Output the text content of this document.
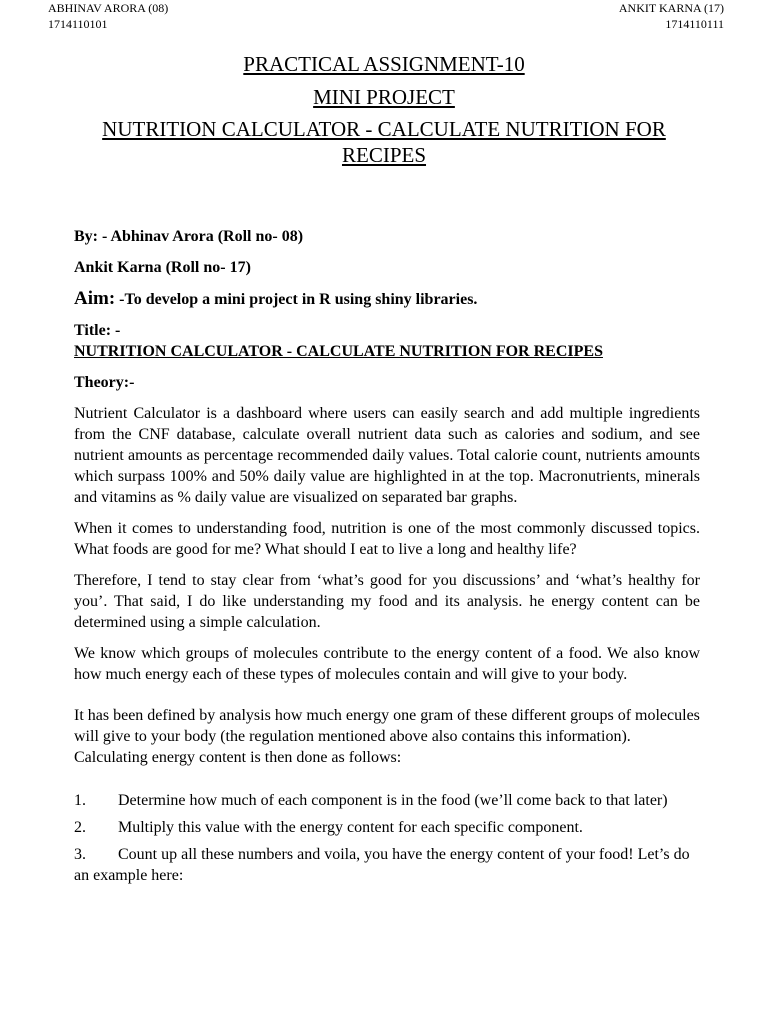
ABHINAV ARORA (08)
1714110101
ANKIT KARNA (17)
1714110111
PRACTICAL ASSIGNMENT-10
MINI PROJECT
NUTRITION CALCULATOR - CALCULATE NUTRITION FOR RECIPES
By: - Abhinav Arora (Roll no- 08)
Ankit Karna (Roll no- 17)
Aim: -To develop a mini project in R using shiny libraries.
Title: -
NUTRITION CALCULATOR - CALCULATE NUTRITION FOR RECIPES
Theory:-
Nutrient Calculator is a dashboard where users can easily search and add multiple ingredients from the CNF database, calculate overall nutrient data such as calories and sodium, and see nutrient amounts as percentage recommended daily values. Total calorie count, nutrients amounts which surpass 100% and 50% daily value are highlighted in at the top. Macronutrients, minerals and vitamins as % daily value are visualized on separated bar graphs.
When it comes to understanding food, nutrition is one of the most commonly discussed topics. What foods are good for me? What should I eat to live a long and healthy life?
Therefore, I tend to stay clear from ‘what’s good for you discussions’ and ‘what’s healthy for you’. That said, I do like understanding my food and its analysis. he energy content can be determined using a simple calculation.
We know which groups of molecules contribute to the energy content of a food. We also know how much energy each of these types of molecules contain and will give to your body.
It has been defined by analysis how much energy one gram of these different groups of molecules will give to your body (the regulation mentioned above also contains this information). Calculating energy content is then done as follows:
1. Determine how much of each component is in the food (we’ll come back to that later)
2. Multiply this value with the energy content for each specific component.
3. Count up all these numbers and voila, you have the energy content of your food! Let’s do an example here:
